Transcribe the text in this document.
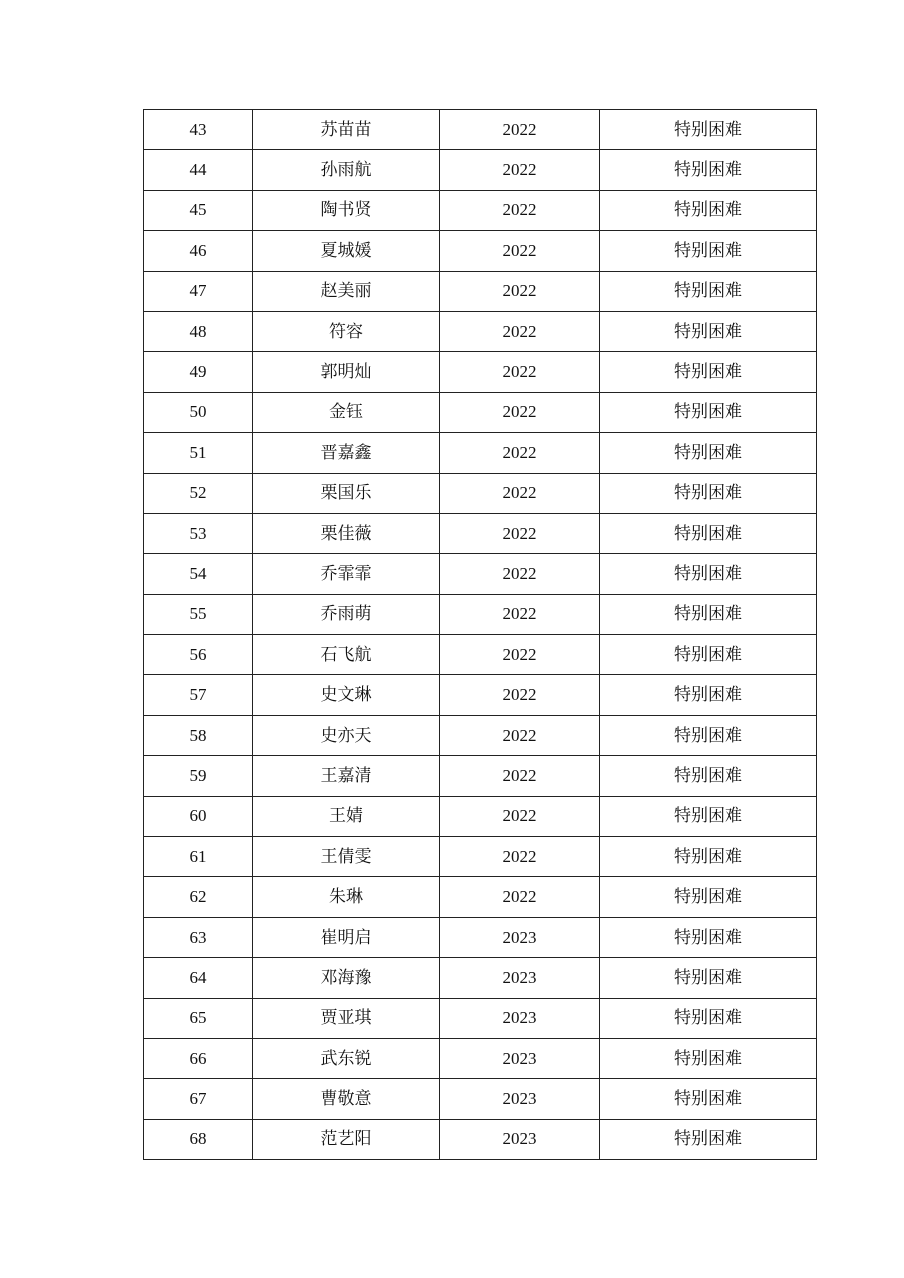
43	苏苗苗	2022	特别困难
44	孙雨航	2022	特别困难
45	陶书贤	2022	特别困难
46	夏城媛	2022	特别困难
47	赵美丽	2022	特别困难
48	符容	2022	特别困难
49	郭明灿	2022	特别困难
50	金钰	2022	特别困难
51	晋嘉鑫	2022	特别困难
52	栗国乐	2022	特别困难
53	栗佳薇	2022	特别困难
54	乔霏霏	2022	特别困难
55	乔雨萌	2022	特别困难
56	石飞航	2022	特别困难
57	史文琳	2022	特别困难
58	史亦天	2022	特别困难
59	王嘉清	2022	特别困难
60	王婧	2022	特别困难
61	王倩雯	2022	特别困难
62	朱琳	2022	特别困难
63	崔明启	2023	特别困难
64	邓海豫	2023	特别困难
65	贾亚琪	2023	特别困难
66	武东锐	2023	特别困难
67	曹敬意	2023	特别困难
68	范艺阳	2023	特别困难
